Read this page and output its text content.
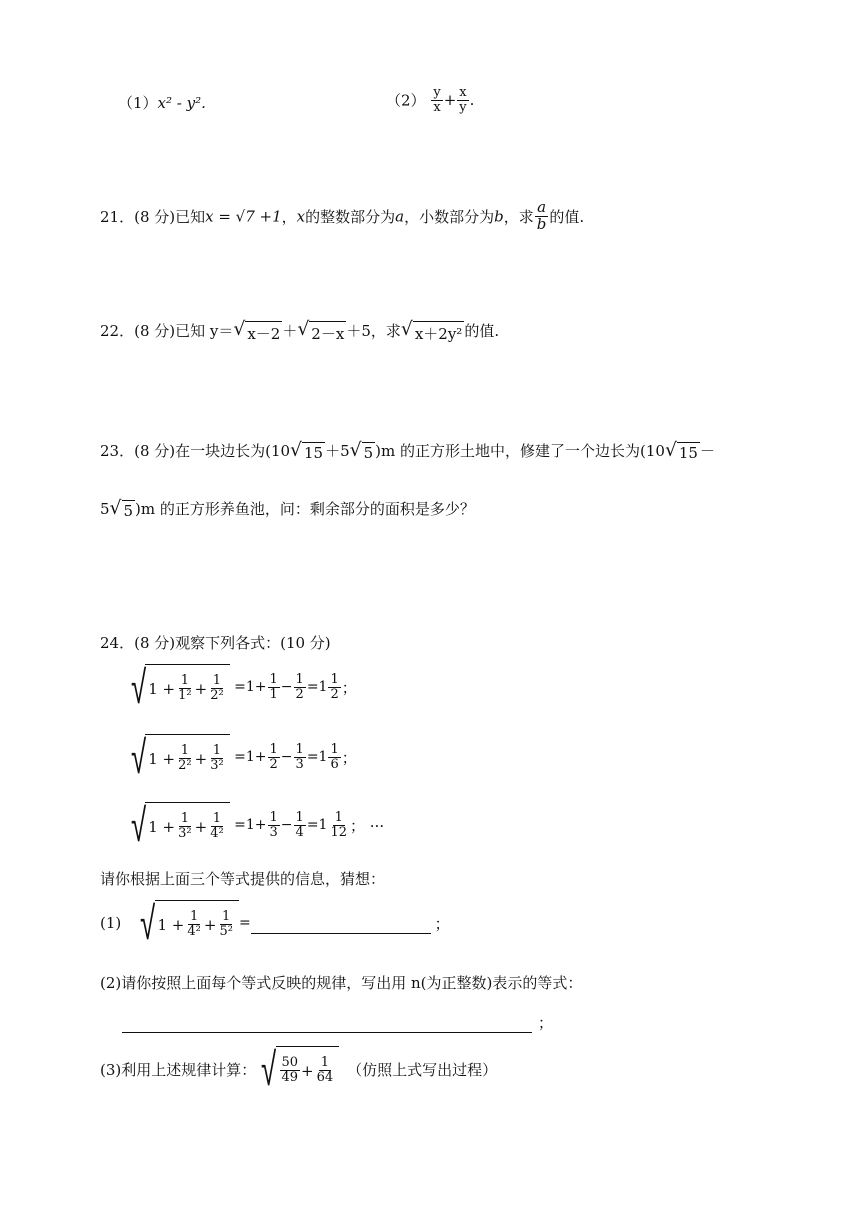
（1）x² - y².	$(2) \frac{y}{x} + \frac{x}{y}$ .
21．(8 分)已知x = √7 +1，x的整数部分为a，小数部分为b，求 $\frac{a}{b}$ 的值.
22．(8 分)已知 y＝ √ x－2 ＋ √ 2－x ＋5，求 √ x＋2y² 的值.
23．(8 分)在一块边长为(10 √ 15 ＋5 √ 5 )m 的正方形土地中，修建了一个边长为(10 √ 15 －
5 √ 5 )m 的正方形养鱼池，问：剩余部分的面积是多少？
24．(8 分)观察下列各式：(10 分)
√ $1 + \frac{1}{\text{1²}} + \frac{1}{\text{2²}} =1+ \frac{1}{1} - \frac{1}{2} = 1 \frac{1}{2}$ ；
√ $1 + \frac{1}{\text{2²}} + \frac{1}{\text{3²}} =1+ \frac{1}{2} - \frac{1}{3} = 1 \frac{1}{6}$ ；
√ $1 + \frac{1}{\text{3²}} + \frac{1}{\text{4²}} =1+ \frac{1}{3} - \frac{1}{4} = 1 \frac{1}{12}$ ； ···
请你根据上面三个等式提供的信息，猜想：
(1) √ $1 + \frac{1}{\text{4²}} + \frac{1}{\text{5²}}$ =	；
(2)请你按照上面每个等式反映的规律，写出用 n(为正整数)表示的等式：
；
(3)利用上述规律计算： √ $\frac{50}{49} + \frac{1}{64}$ （仿照上式写出过程）
